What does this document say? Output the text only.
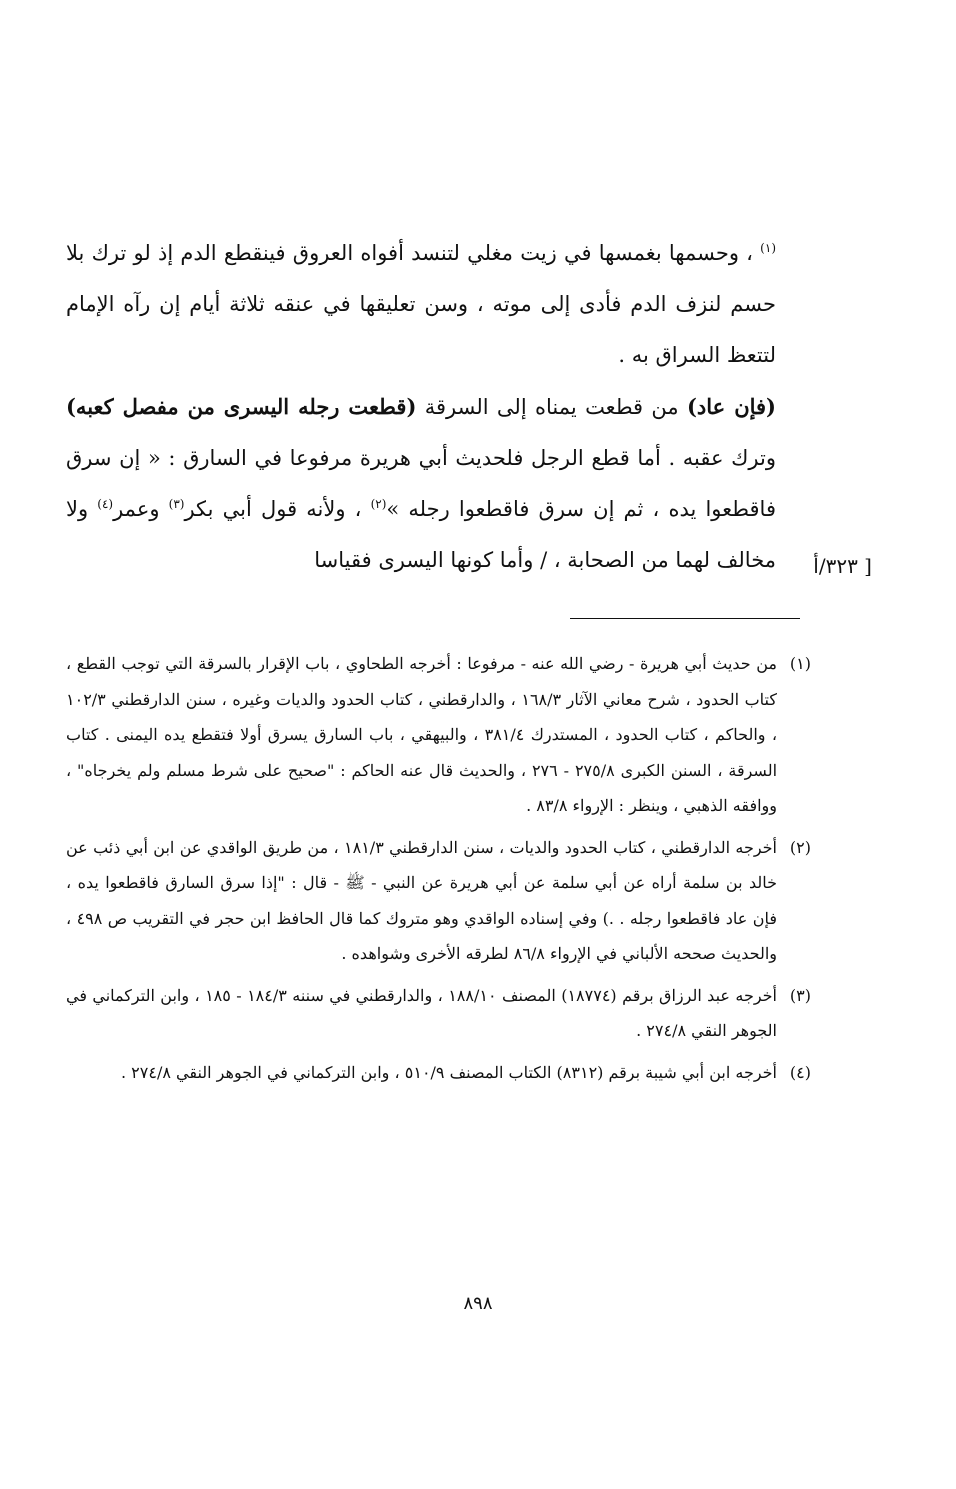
$^{(١)}$ ، وحسمها بغمسها في زيت مغلي لتنسد أفواه العروق فينقطع الدم إذ لو ترك بلا حسم لنزف الدم فأدى إلى موته ، وسن تعليقها في عنقه ثلاثة أيام إن رآه الإمام لتتعظ السراق به .

(فإن عاد) من قطعت يمناه إلى السرقة (قطعت رجله اليسرى من مفصل كعبه) وترك عقبه . أما قطع الرجل فلحديث أبي هريرة مرفوعا في السارق : « إن سرق فاقطعوا يده ، ثم إن سرق فاقطعوا رجله »$^{(٢)}$ ، ولأنه قول أبي بكر$^{(٣)}$ وعمر$^{(٤)}$ ولا مخالف لهما من الصحابة ، / وأما كونها اليسرى فقياسا [ ٣٢٣/أ

(١)
من حديث أبي هريرة - رضي الله عنه - مرفوعا : أخرجه الطحاوي ، باب الإقرار بالسرقة التي توجب القطع ، كتاب الحدود ، شرح معاني الآثار ١٦٨/٣ ، والدارقطني ، كتاب الحدود والديات وغيره ، سنن الدارقطني ١٠٢/٣ ، والحاكم ، كتاب الحدود ، المستدرك ٣٨١/٤ ، والبيهقي ، باب السارق يسرق أولا فتقطع يده اليمنى . كتاب السرقة ، السنن الكبرى ٢٧٥/٨ - ٢٧٦ ، والحديث قال عنه الحاكم : "صحيح على شرط مسلم ولم يخرجاه" ، ووافقه الذهبي ، وينظر : الإرواء ٨٣/٨ .

(٢)
أخرجه الدارقطني ، كتاب الحدود والديات ، سنن الدارقطني ١٨١/٣ ، من طريق الواقدي عن ابن أبي ذئب عن خالد بن سلمة أراه عن أبي سلمة عن أبي هريرة عن النبي - ﷺ - قال : "إذا سرق السارق فاقطعوا يده ، فإن عاد فاقطعوا رجله . .) وفي إسناده الواقدي وهو متروك كما قال الحافظ ابن حجر في التقريب ص ٤٩٨ ، والحديث صححه الألباني في الإرواء ٨٦/٨ لطرقه الأخرى وشواهده .

(٣)
أخرجه عبد الرزاق برقم (١٨٧٧٤) المصنف ١٨٨/١٠ ، والدارقطني في سننه ١٨٤/٣ - ١٨٥ ، وابن التركماني في الجوهر النقي ٢٧٤/٨ .

(٤)
أخرجه ابن أبي شيبة برقم (٨٣١٢) الكتاب المصنف ٥١٠/٩ ، وابن التركماني في الجوهر النقي ٢٧٤/٨ .

٨٩٨
